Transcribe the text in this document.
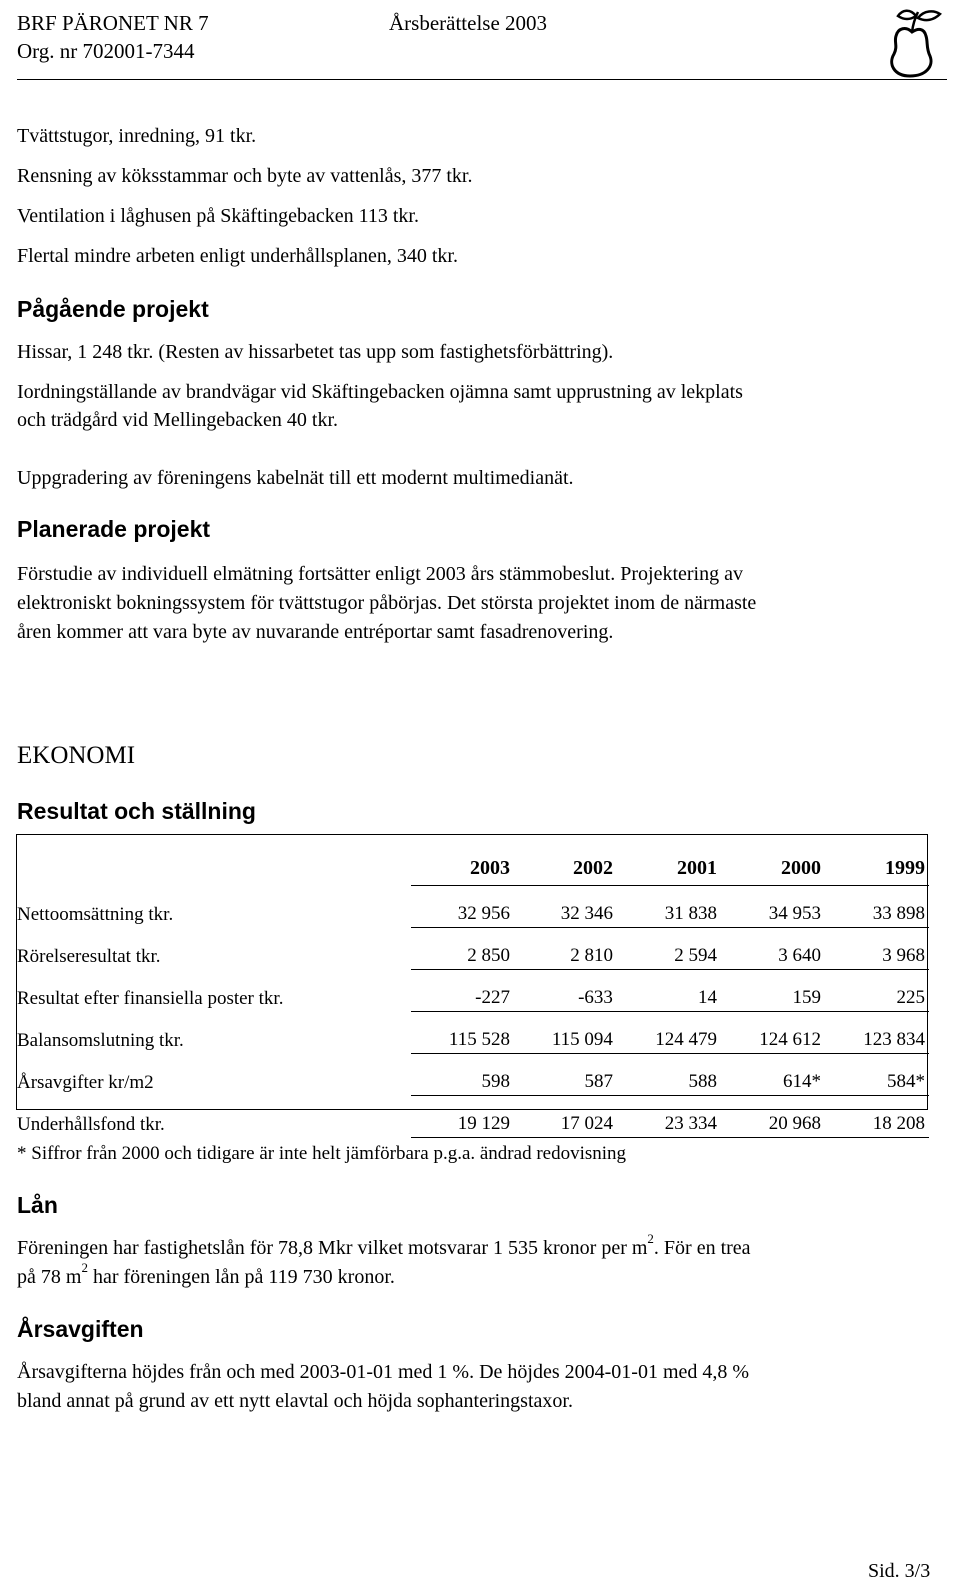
BRF PÄRONET NR 7	Årsberättelse 2003
Org. nr 702001-7344
Tvättstugor, inredning, 91 tkr.
Rensning av köksstammar och byte av vattenlås, 377 tkr.
Ventilation i låghusen på Skäftingebacken 113 tkr.
Flertal mindre arbeten enligt underhållsplanen, 340 tkr.
Pågående projekt
Hissar, 1 248 tkr. (Resten av hissarbetet tas upp som fastighetsförbättring).
Iordningställande av brandvägar vid Skäftingebacken ojämna samt upprustning av lekplats
och trädgård vid Mellingebacken 40 tkr.
Uppgradering av föreningens kabelnät till ett modernt multimedianät.
Planerade projekt
Förstudie av individuell elmätning fortsätter enligt 2003 års stämmobeslut. Projektering av
elektroniskt bokningssystem för tvättstugor påbörjas. Det största projektet inom de närmaste
åren kommer att vara byte av nuvarande entréportar samt fasadrenovering.
EKONOMI
Resultat och ställning
	2003	2002	2001	2000	1999
Nettoomsättning tkr.	32 956	32 346	31 838	34 953	33 898
Rörelseresultat tkr.	2 850	2 810	2 594	3 640	3 968
Resultat efter finansiella poster tkr.	-227	-633	14	159	225
Balansomslutning tkr.	115 528	115 094	124 479	124 612	123 834
Årsavgifter kr/m2	598	587	588	614*	584*
Underhållsfond tkr.	19 129	17 024	23 334	20 968	18 208
* Siffror från 2000 och tidigare är inte helt jämförbara p.g.a. ändrad redovisning
Lån
Föreningen har fastighetslån för 78,8 Mkr vilket motsvarar 1 535 kronor per $m^2$. För en trea
på 78 $m^2$ har föreningen lån på 119 730 kronor.
Årsavgiften
Årsavgifterna höjdes från och med 2003-01-01 med 1 %. De höjdes 2004-01-01 med 4,8 %
bland annat på grund av ett nytt elavtal och höjda sophanteringstaxor.
Sid. 3/3
